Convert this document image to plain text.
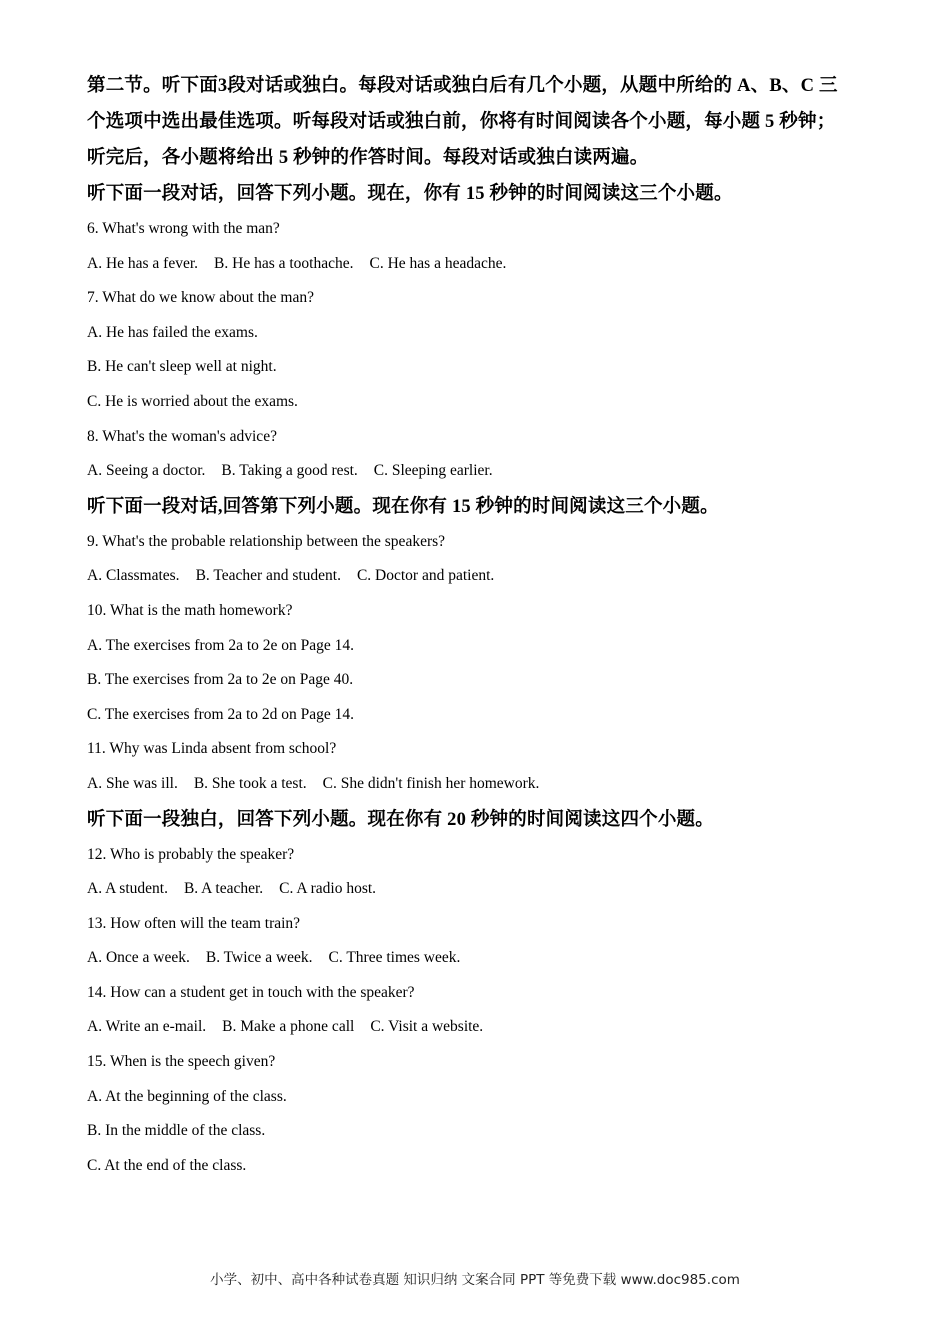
第二节。听下面3段对话或独白。每段对话或独白后有几个小题，从题中所给的 A、B、C 三
个选项中选出最佳选项。听每段对话或独白前，你将有时间阅读各个小题，每小题 5 秒钟；
听完后，各小题将给出 5 秒钟的作答时间。每段对话或独白读两遍。
听下面一段对话，回答下列小题。现在，你有 15 秒钟的时间阅读这三个小题。
6. What's wrong with the man?
A. He has a fever. B. He has a toothache. C. He has a headache.
7. What do we know about the man?
A. He has failed the exams.
B. He can't sleep well at night.
C. He is worried about the exams.
8. What's the woman's advice?
A. Seeing a doctor. B. Taking a good rest. C. Sleeping earlier.
听下面一段对话,回答第下列小题。现在你有 15 秒钟的时间阅读这三个小题。
9. What's the probable relationship between the speakers?
A. Classmates. B. Teacher and student. C. Doctor and patient.
10. What is the math homework?
A. The exercises from 2a to 2e on Page 14.
B. The exercises from 2a to 2e on Page 40.
C. The exercises from 2a to 2d on Page 14.
11. Why was Linda absent from school?
A. She was ill. B. She took a test. C. She didn't finish her homework.
听下面一段独白，回答下列小题。现在你有 20 秒钟的时间阅读这四个小题。
12. Who is probably the speaker?
A. A student. B. A teacher. C. A radio host.
13. How often will the team train?
A. Once a week. B. Twice a week. C. Three times week.
14. How can a student get in touch with the speaker?
A. Write an e-mail. B. Make a phone call C. Visit a website.
15. When is the speech given?
A. At the beginning of the class.
B. In the middle of the class.
C. At the end of the class.
小学、初中、高中各种试卷真题 知识归纳 文案合同 PPT 等免费下载 www.doc985.com
